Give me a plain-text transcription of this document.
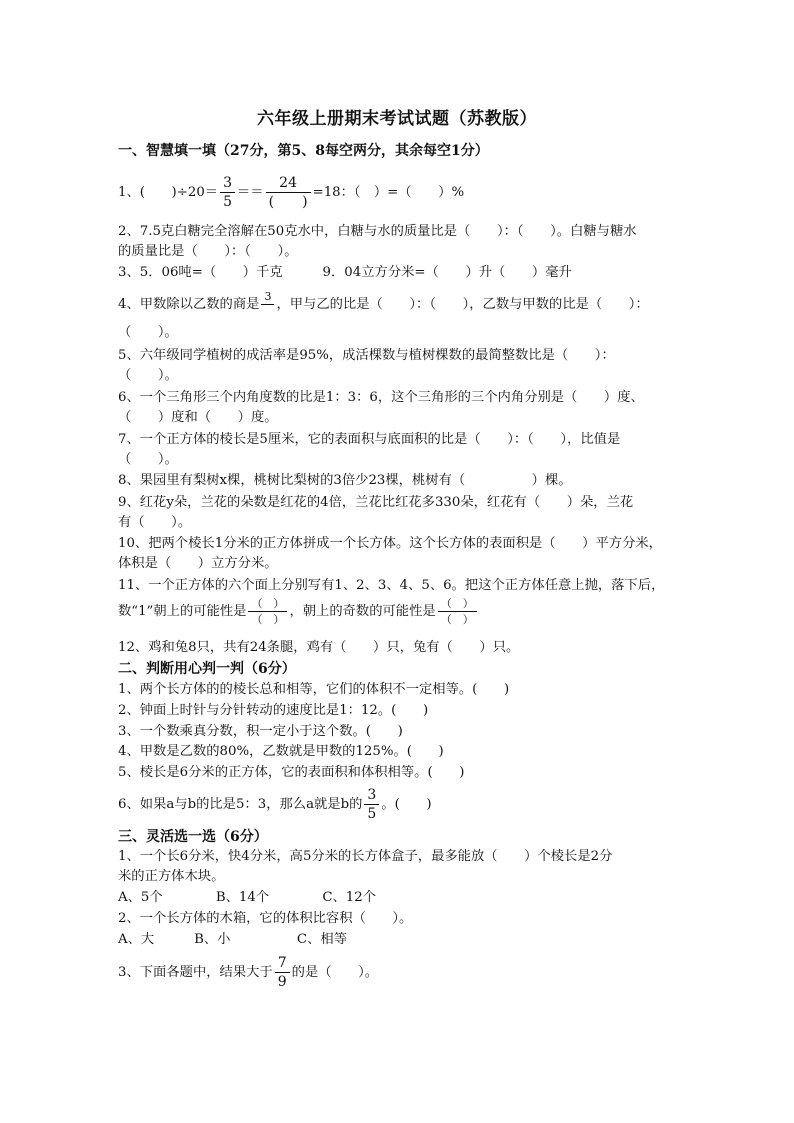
六年级上册期末考试试题（苏教版）
一、智慧填一填（27分，第5、8每空两分，其余每空1分）
1、(　　)$\div 20= \frac{3}{5}$ ＝＝
24
(　　)
=18：（　）=（　　）%
2、7.5克白糖完全溶解在50克水中，白糖与水的质量比是（　　）：（　　）。白糖与糖水
的质量比是（　　）：（　　）。
3、5．06吨=（　　）千克　　　9．04立方分米=（　　）升（　　）毫升
4、甲数除以乙数的商是
3

，甲与乙的比是（　　）：（　　），乙数与甲数的比是（　　）：
（　　）。
5、六年级同学植树的成活率是95%，成活棵数与植树棵数的最简整数比是（　　）：
（　　）。
6、一个三角形三个内角度数的比是1：3：6，这个三角形的三个内角分别是（　　）度、
（　　）度和（　　）度。
7、一个正方体的棱长是5厘米，它的表面积与底面积的比是（　　）：（　　），比值是
（　　）。
8、果园里有梨树x棵，桃树比梨树的3倍少23棵，桃树有（　　　　　）棵。
9、红花y朵，兰花的朵数是红花的4倍，兰花比红花多330朵，红花有（　　）朵，兰花
有（　　）。
10、把两个棱长1分米的正方体拼成一个长方体。这个长方体的表面积是（　　）平方分米，
体积是（　　）立方分米。
11、一个正方体的六个面上分别写有1、2、3、4、5、6。把这个正方体任意上抛，落下后，
数“1”朝上的可能性是
（　）
（　）
，朝上的奇数的可能性是
（　）
（　）
12、鸡和兔8只，共有24条腿，鸡有（　　）只，兔有（　　）只。
二、判断用心判一判（6分）
1、两个长方体的的棱长总和相等，它们的体积不一定相等。(　　)
2、钟面上时针与分针转动的速度比是1：12。(　　)
3、一个数乘真分数，积一定小于这个数。(　　)
4、甲数是乙数的80%，乙数就是甲数的125%。(　　)
5、棱长是6分米的正方体，它的表面积和体积相等。(　　)
6、如果a与b的比是5：3，那么a就是b的 $\frac{3}{5}$ 。(　　)
三、灵活选一选（6分）
1、一个长6分米，快4分米，高5分米的长方体盒子，最多能放（　　）个棱长是2分
米的正方体木块。
A、5个　　　　B、14个　　　　C、12个
2、一个长方体的木箱，它的体积比容积（　　）。
A、大　　　B、小　　　　　C、相等
3、下面各题中，结果大于 $\frac{7}{9}$ 的是（　　）。
